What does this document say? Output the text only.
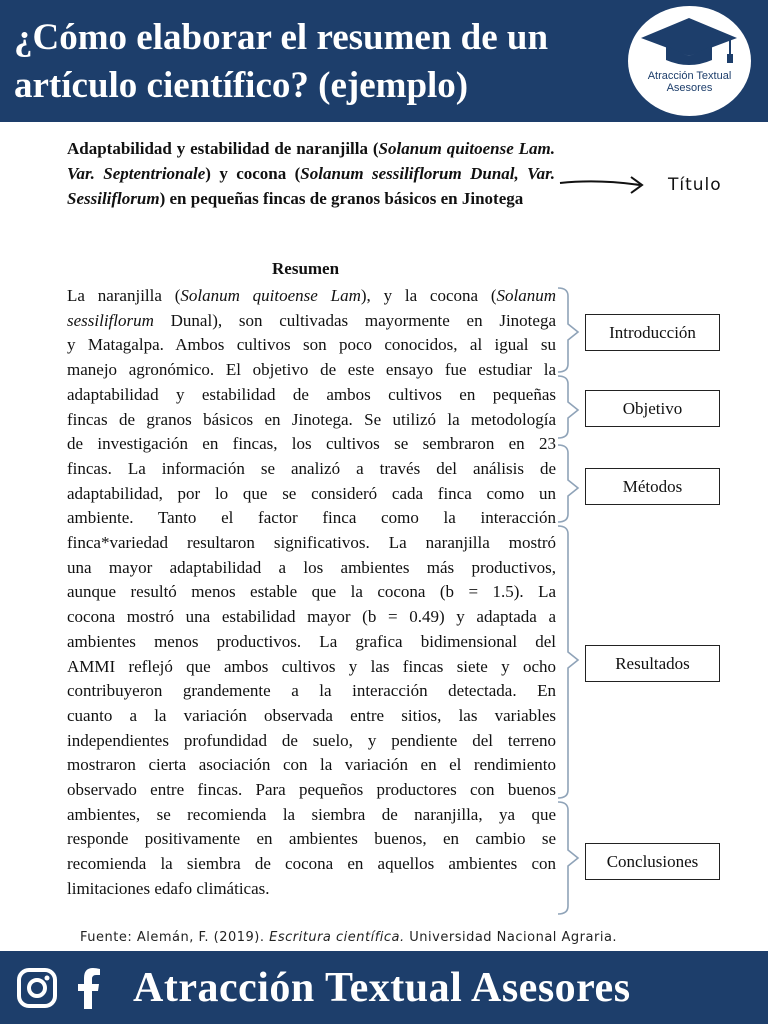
¿Cómo elaborar el resumen de un artículo científico? (ejemplo)	Atracción Textual
Asesores
Adaptabilidad y estabilidad de naranjilla (Solanum quitoense Lam. Var. Septentrionale) y cocona (Solanum sessiliflorum Dunal, Var. Sessiliflorum) en pequeñas fincas de granos básicos en Jinotega
Título
Resumen
La naranjilla (Solanum quitoense Lam), y la cocona (Solanum
sessiliflorum Dunal), son cultivadas mayormente en Jinotega
y Matagalpa. Ambos cultivos son poco conocidos, al igual su
manejo agronómico. El objetivo de este ensayo fue estudiar la
adaptabilidad y estabilidad de ambos cultivos en pequeñas
fincas de granos básicos en Jinotega. Se utilizó la metodología
de investigación en fincas, los cultivos se sembraron en 23
fincas. La información se analizó a través del análisis de
adaptabilidad, por lo que se consideró cada finca como un
ambiente. Tanto el factor finca como la interacción
finca*variedad resultaron significativos. La naranjilla mostró
una mayor adaptabilidad a los ambientes más productivos,
aunque resultó menos estable que la cocona (b = 1.5). La
cocona mostró una estabilidad mayor (b = 0.49) y adaptada a
ambientes menos productivos. La grafica bidimensional del
AMMI reflejó que ambos cultivos y las fincas siete y ocho
contribuyeron grandemente a la interacción detectada. En
cuanto a la variación observada entre sitios, las variables
independientes profundidad de suelo, y pendiente del terreno
mostraron cierta asociación con la variación en el rendimiento
observado entre fincas. Para pequeños productores con buenos
ambientes, se recomienda la siembra de naranjilla, ya que
responde positivamente en ambientes buenos, en cambio se
recomienda la siembra de cocona en aquellos ambientes con
limitaciones edafo climáticas.
Introducción
Objetivo
Métodos
Resultados
Conclusiones
Fuente: Alemán, F. (2019). Escritura científica. Universidad Nacional Agraria.
Atracción Textual Asesores
